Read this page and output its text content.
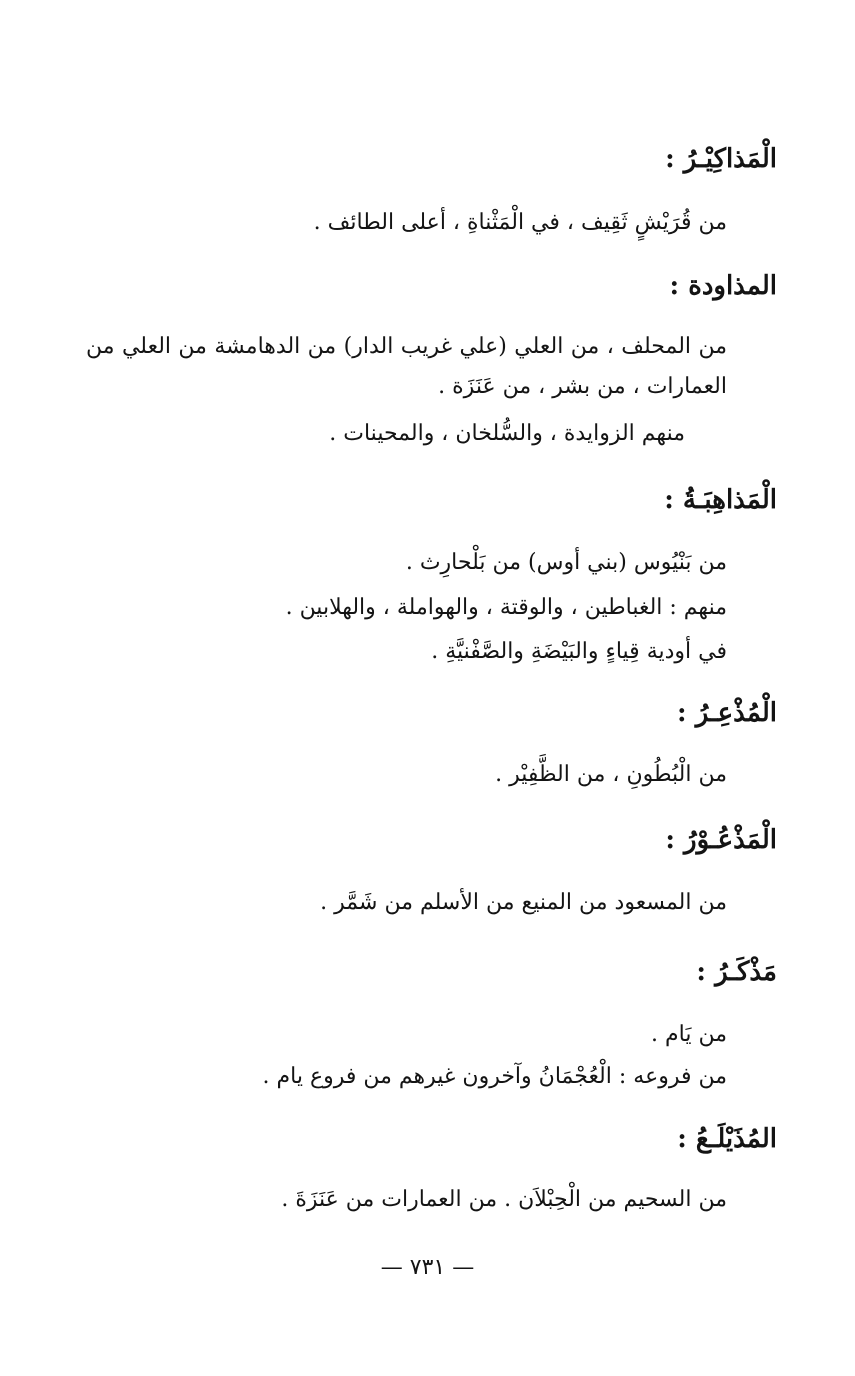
الْمَذاكِيْـرُ :
من قُرَيْشٍ ثَقِيف ، في الْمَثْناةِ ، أعلى الطائف .
المذاودة :
من المحلف ، من العلي (علي غريب الدار) من الدهامشة من العلي من
العمارات ، من بشر ، من عَنَزَة .
منهم الزوايدة ، والسُّلخان ، والمحينات .
الْمَذاهِبَـةُ :
من بَنْيُوس (بني أوس) من بَلْحارِث .
منهم : الغباطين ، والوقتة ، والهواملة ، والهلابين .
في أودية قِياءٍ والبَيْضَةِ والصَّفْنيَّةِ .
الْمُذْعِـرُ :
من الْبُطُونِ ، من الظَّفِيْر .
الْمَذْعُـوْرُ :
من المسعود من المنيع من الأسلم من شَمَّر .
مَذْكَـرُ :
من يَام .
من فروعه : الْعُجْمَانُ وآخرون غيرهم من فروع يام .
المُذَيْلَـعُ :
من السحيم من الْحِبْلاَن . من العمارات من عَنَزَةَ .
— ٧٣١ —
